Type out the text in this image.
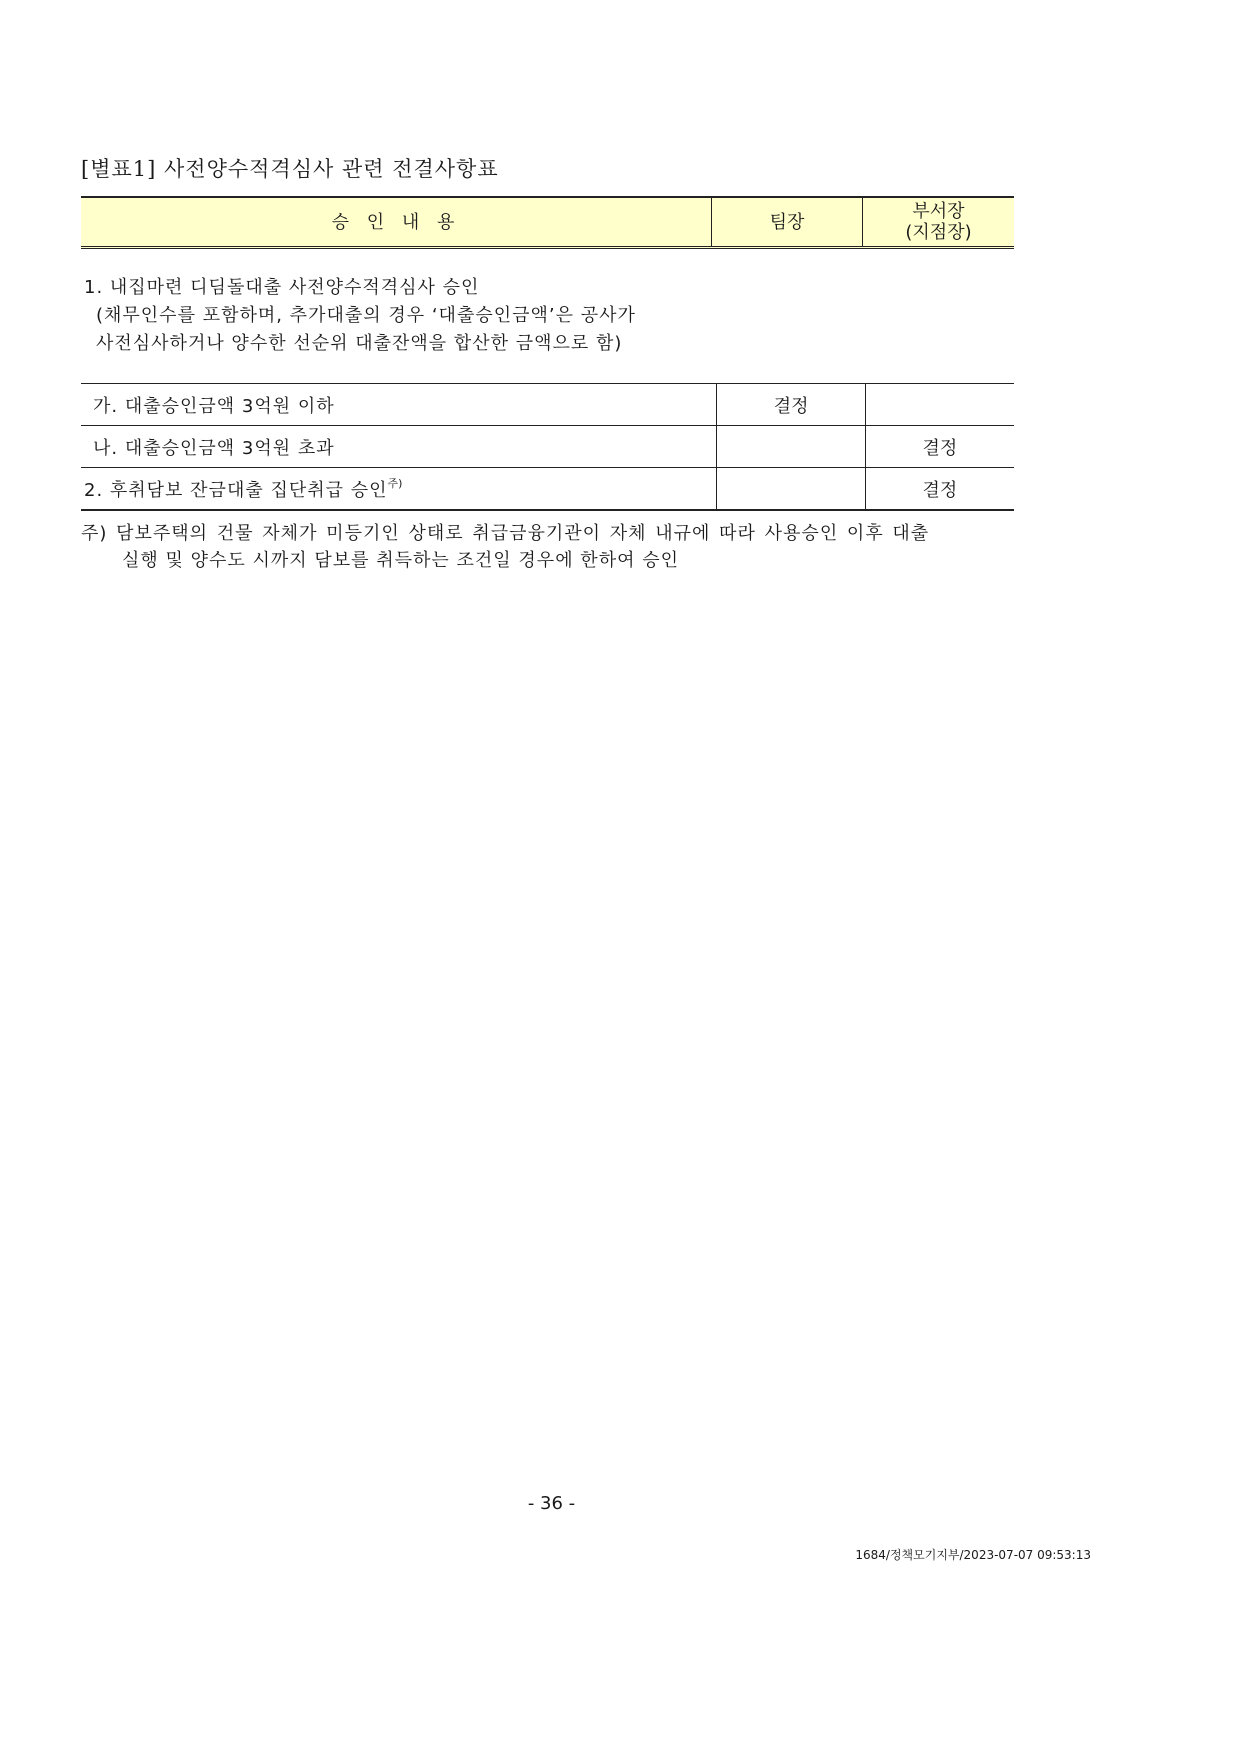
[별표1] 사전양수적격심사 관련 전결사항표
승 인 내 용	팀장	부서장
(지점장)
1. 내집마련 디딤돌대출 사전양수적격심사 승인
(채무인수를 포함하며, 추가대출의 경우 ‘대출승인금액’은 공사가
사전심사하거나 양수한 선순위 대출잔액을 합산한 금액으로 함)
가. 대출승인금액 3억원 이하	결정	
나. 대출승인금액 3억원 초과		결정
2. 후취담보 잔금대출 집단취급 승인$^{주)}$		결정
주) 담보주택의 건물 자체가 미등기인 상태로 취급금융기관이 자체 내규에 따라 사용승인 이후 대출
실행 및 양수도 시까지 담보를 취득하는 조건일 경우에 한하여 승인
- 36 -
1684/정책모기지부/2023-07-07 09:53:13
